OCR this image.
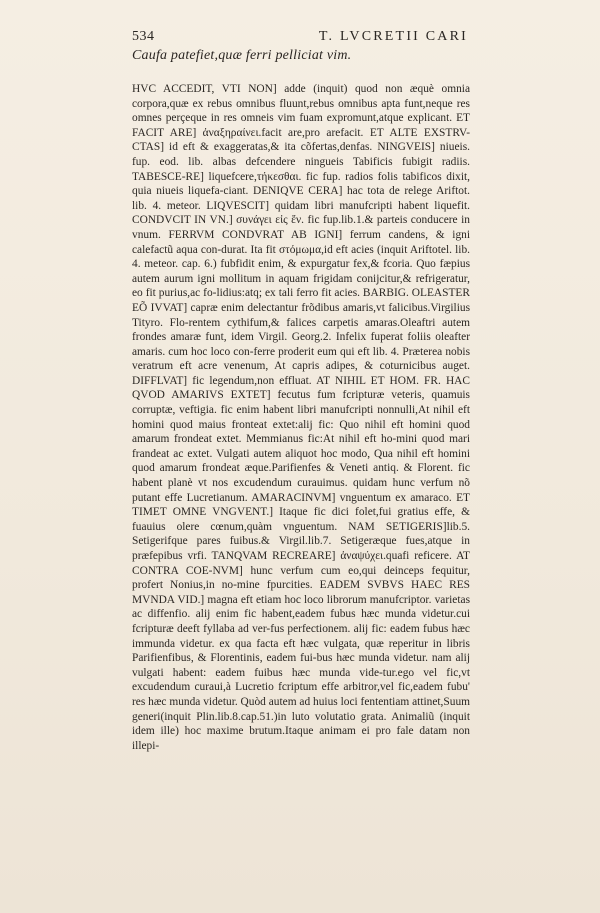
534	T. LVCRETII CARI
Caufa patefiet,quæ ferri pelliciat vim.

HVC ACCEDIT, VTI NON] adde (inquit) quod non æquè omnia corpora,quæ ex rebus omnibus fluunt,rebus omnibus apta funt,neque res omnes perçeque in res omneis vim fuam expromunt,atque explicant. ET FACIT ARE] ἀναξηραίνει.facit are,pro arefacit. ET ALTE EXSTRV-CTAS] id eft & exaggeratas,& ita cõfertas,denfas. NINGVEIS] niueis. fup. eod. lib. albas defcendere ningueis Tabificis fubigit radiis. TABESCE-RE] liquefcere,τήκεσθαι. fic fup. radios folis tabificos dixit, quia niueis liquefa-ciant. DENIQVE CERA] hac tota de relege Ariftot. lib. 4. meteor. LIQVESCIT] quidam libri manufcripti habent liquefit. CONDVCIT IN VN.] συνάγει εἰς ἕν. fic fup.lib.1.& parteis conducere in vnum. FERRVM CONDVRAT AB IGNI] ferrum candens, & igni calefactũ aqua con-durat. Ita fit στόμωμα,id eft acies (inquit Ariftotel. lib. 4. meteor. cap. 6.) fubfidit enim, & expurgatur fex,& fcoria. Quo fæpius autem aurum igni mollitum in aquam frigidam conijcitur,& refrigeratur, eo fit purius,ac fo-lidius:atq; ex tali ferro fit acies. BARBIG. OLEASTER EÕ IVVAT] capræ enim delectantur frõdibus amaris,vt falicibus.Virgilius Tityro. Flo-rentem cythifum,& falices carpetis amaras.Oleaftri autem frondes amaræ funt, idem Virgil. Georg.2. Infelix fuperat foliis oleafter amaris. cum hoc loco con-ferre proderit eum qui eft lib. 4. Præterea nobis veratrum eft acre venenum, At capris adipes, & coturnicibus auget. DIFFLVAT] fic legendum,non effluat. AT NIHIL ET HOM. FR. HAC QVOD AMARIVS EXTET] fecutus fum fcripturæ veteris, quamuis corruptæ, veftigia. fic enim habent libri manufcripti nonnulli,At nihil eft homini quod maius fronteat extet:alij fic: Quo nihil eft homini quod amarum frondeat extet. Memmianus fic:At nihil eft ho-mini quod mari frandeat ac extet. Vulgati autem aliquot hoc modo, Qua nihil eft homini quod amarum frondeat æque.Parifienfes & Veneti antiq. & Florent. fic habent planè vt nos excudendum curauimus. quidam hunc verfum nõ putant effe Lucretianum. AMARACINVM] vnguentum ex amaraco. ET TIMET OMNE VNGVENT.] Itaque fic dici folet,fui gratius effe, & fuauius olere cœnum,quàm vnguentum. NAM SETIGERIS]lib.5. Setigerifque pares fuibus.& Virgil.lib.7. Setigeræque fues,atque in præfepibus vrfi. TANQVAM RECREARE] ἀναψύχει.quafi reficere. AT CONTRA COE-NVM] hunc verfum cum eo,qui deinceps fequitur, profert Nonius,in no-mine fpurcities. EADEM SVBVS HAEC RES MVNDA VID.] magna eft etiam hoc loco librorum manufcriptor. varietas ac diffenfio. alij enim fic habent,eadem fubus hæc munda videtur.cui fcripturæ deeft fyllaba ad ver-fus perfectionem. alij fic: eadem fubus hæc immunda videtur. ex qua facta eft hæc vulgata, quæ reperitur in libris Parifienfibus, & Florentinis, eadem fui-bus hæc munda videtur. nam alij vulgati habent: eadem fuibus hæc munda vide-tur.ego vel fic,vt excudendum curaui,à Lucretio fcriptum effe arbitror,vel fic,eadem fubu' res hæc munda videtur. Quòd autem ad huius loci fententiam attinet,Suum generi(inquit Plin.lib.8.cap.51.)in luto volutatio grata. Animaliũ (inquit idem ille) hoc maxime brutum.Itaque animam ei pro fale datam non illepi-
